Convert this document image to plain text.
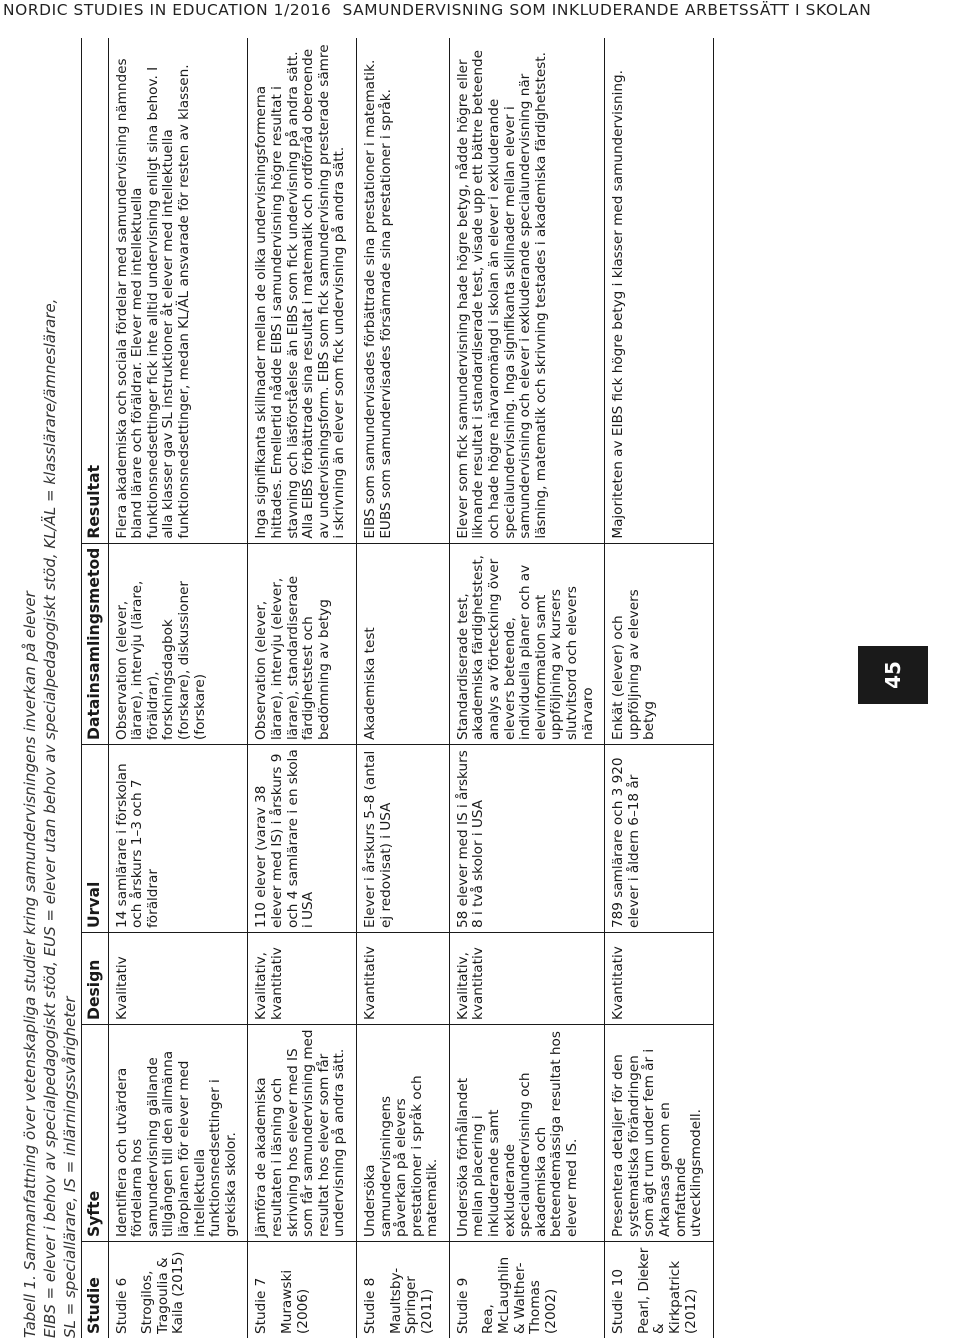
NORDIC STUDIES IN EDUCATION 1/2016 SAMUNDERVISNING SOM INKLUDERANDE ARBETSSÄTT I SKOLAN
45
Tabell 1. Sammanfattning över vetenskapliga studier kring samundervisningens inverkan på elever EIBS = elever i behov av specialpedagogiskt stöd, EUS = elever utan behov av specialpedagogiskt stöd, KL/ÄL = klasslärare/ämneslärare, SL = speciallärare, IS = inlärningssvårigheter Studie	Syfte	Design	Urval	Datainsamlingsmetod	Resultat

Studie 6 Strogilos, Tragoulia & Kaila (2015)	Identifiera och utvärdera fördelarna hos samundervisning gällande tillgången till den allmänna läroplanen för elever med intellektuella funktionsnedsettinger i grekiska skolor.	Kvalitativ	14 samlärare i förskolan och årskurs 1–3 och 7 föräldrar	Observation (elever, lärare), intervju (lärare, föräldrar), forskningsdagbok (forskare), diskussioner (forskare)	Flera akademiska och sociala fördelar med samundervisning nämndes bland lärare och föräldrar. Elever med intellektuella funktionsnedsettinger fick inte alltid undervisning enligt sina behov. I alla klasser gav SL instruktioner åt elever med intellektuella funktionsnedsettinger, medan KL/ÄL ansvarade för resten av klassen.

Studie 7 Murawski (2006)	Jämföra de akademiska resultaten i läsning och skrivning hos elever med IS som får samundervisning med resultat hos elever som får undervisning på andra sätt.	Kvalitativ, kvantitativ	110 elever (varav 38 elever med IS) i årskurs 9 och 4 samlärare i en skola i USA	Observation (elever, lärare), intervju (elever, lärare), standardiserade färdighetstest och bedömning av betyg	Inga signifikanta skillnader mellan de olika undervisningsformerna hittades. Emellertid nådde EIBS i samundervisning högre resultat i stavning och läsförståelse än EIBS som fick undervisning på andra sätt. Alla EIBS förbättrade sina resultat i matematik och ordförråd oberoende av undervisningsform. EIBS som fick samundervisning presterade sämre i skrivning än elever som fick undervisning på andra sätt.

Studie 8 Maultsby-Springer (2011)	Undersöka samundervisningens påverkan på elevers prestationer i språk och matematik.	Kvantitativ	Elever i årskurs 5–8 (antal ej redovisat) i USA	Akademiska test	EIBS som samundervisades förbättrade sina prestationer i matematik. EUBS som samundervisades försämrade sina prestationer i språk.

Studie 9 Rea, McLaughlin & Walther-Thomas (2002)	Undersöka förhållandet mellan placering i inkluderande samt exkluderande specialundervisning och akademiska och beteendemässiga resultat hos elever med IS.	Kvalitativ, kvantitativ	58 elever med IS i årskurs 8 i två skolor i USA	Standardiserade test, akademiska färdighetstest, analys av förteckning över elevers beteende, individuella planer och av elevinformation samt uppföljning av kursers slutvitsord och elevers närvaro	Elever som fick samundervisning hade högre betyg, nådde högre eller liknande resultat i standardiserade test, visade upp ett bättre beteende och hade högre närvaromängd i skolan än elever i exkluderande specialundervisning. Inga signifikanta skillnader mellan elever i samundervisning och elever i exkluderande specialundervisning när läsning, matematik och skrivning testades i akademiska färdighetstest.

Studie 10 Pearl, Dieker & Kirkpatrick (2012)	Presentera detaljer för den systematiska förändringen som ägt rum under fem år i Arkansas genom en omfattande utvecklingsmodell.	Kvantitativ	789 samlärare och 3 920 elever i åldern 6–18 år	Enkät (elever) och uppföljning av elevers betyg	Majoriteten av EIBS fick högre betyg i klasser med samundervisning.
